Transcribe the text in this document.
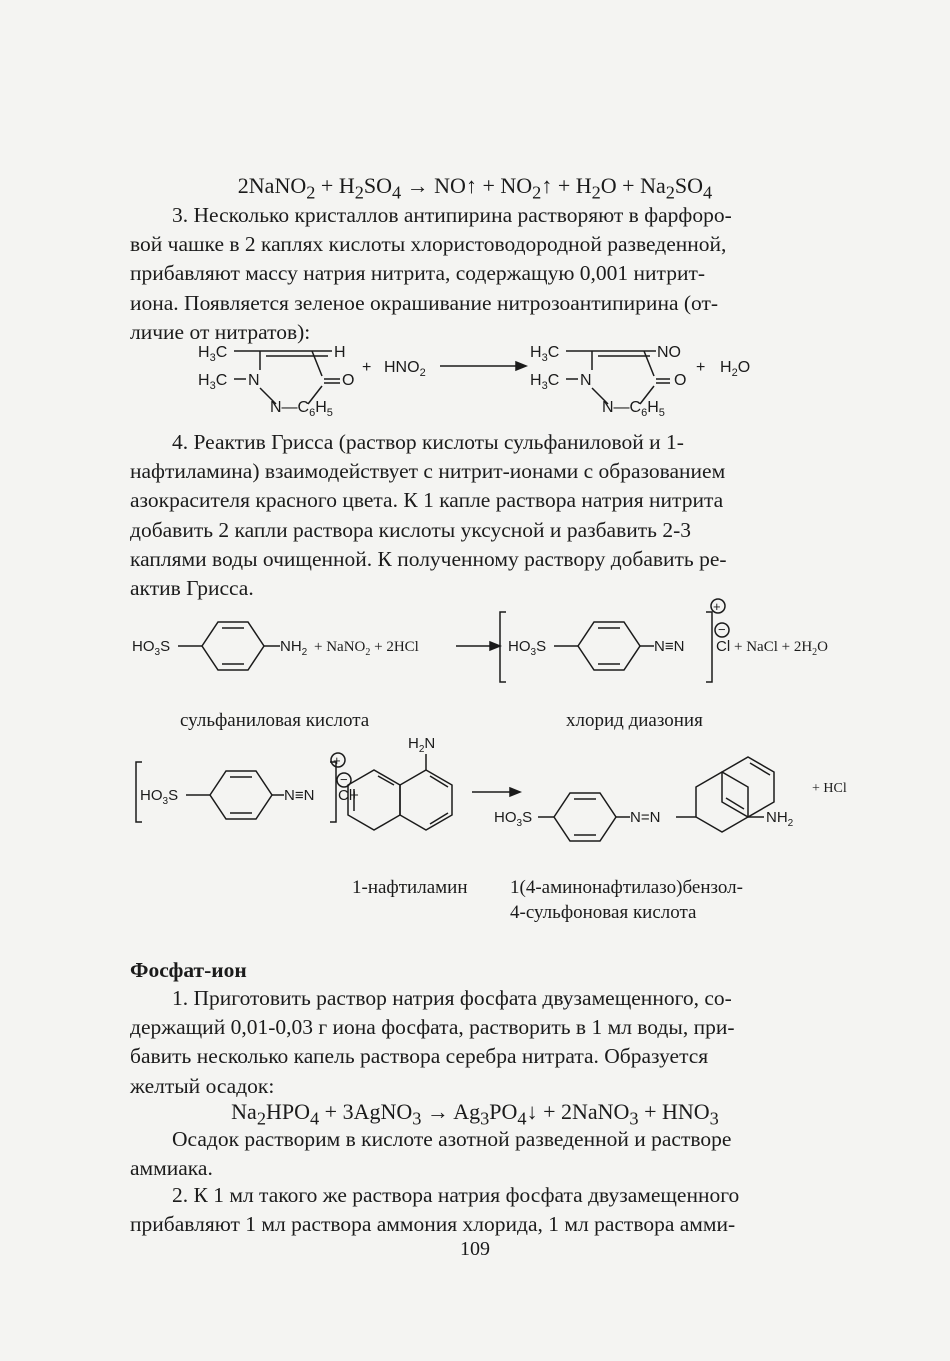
2NaNO$_2$ + $H_2SO_4$ → NO↑ + $NO_2↑ + H_2O + Na_2SO_4$

3. Несколько кристаллов антипирина растворяют в фарфоро-
вой чашке в 2 каплях кислоты хлористоводородной разведенной,
прибавляют массу натрия нитрита, содержащую 0,001 нитрит-
иона. Появляется зеленое окрашивание нитрозоантипирина (от-
личие от нитратов):

$H_3C$	H
$H_3C$ N	O
$N—C_6H_5$
+ $HNO_2$
$H_3C$	NO
$H_3C$ N	O
$N—C_6H_5$
+ $H_2O$

4. Реактив Грисса (раствор кислоты сульфаниловой и 1-
нафтиламина) взаимодействует с нитрит-ионами с образованием
азокрасителя красного цвета. К 1 капле раствора натрия нитрита
добавить 2 капли раствора кислоты уксусной и разбавить 2-3
каплями воды очищенной. К полученному раствору добавить ре-
актив Грисса.

$HO_3S$	$NH_2$ + NaNO$_2$ + 2HCl	$HO_3S$	N≡N
+
−
Cl + NaCl + $2H_2O$
сульфаниловая кислота	хлорид диазония
$HO_3S$	N≡N
+
−
Cl
+
$H_2N$
$HO_3S$	N=N	$NH_2$
+ HCl
1-нафтиламин 1(4-аминонафтилазо)бензол-
4-сульфоновая кислота
Фосфат-ион

1. Приготовить раствор натрия фосфата двузамещенного, со-
держащий 0,01-0,03 г иона фосфата, растворить в 1 мл воды, при-
бавить несколько капель раствора серебра нитрата. Образуется
желтый осадок:

$Na_2HPO_4$ + 3AgNO$_3$ → $Ag_3PO_4↓$ + 2NaNO$_3$ + $HNO_3$

Осадок растворим в кислоте азотной разведенной и растворе
аммиака.

2. К 1 мл такого же раствора натрия фосфата двузамещенного
прибавляют 1 мл раствора аммония хлорида, 1 мл раствора амми-

109
